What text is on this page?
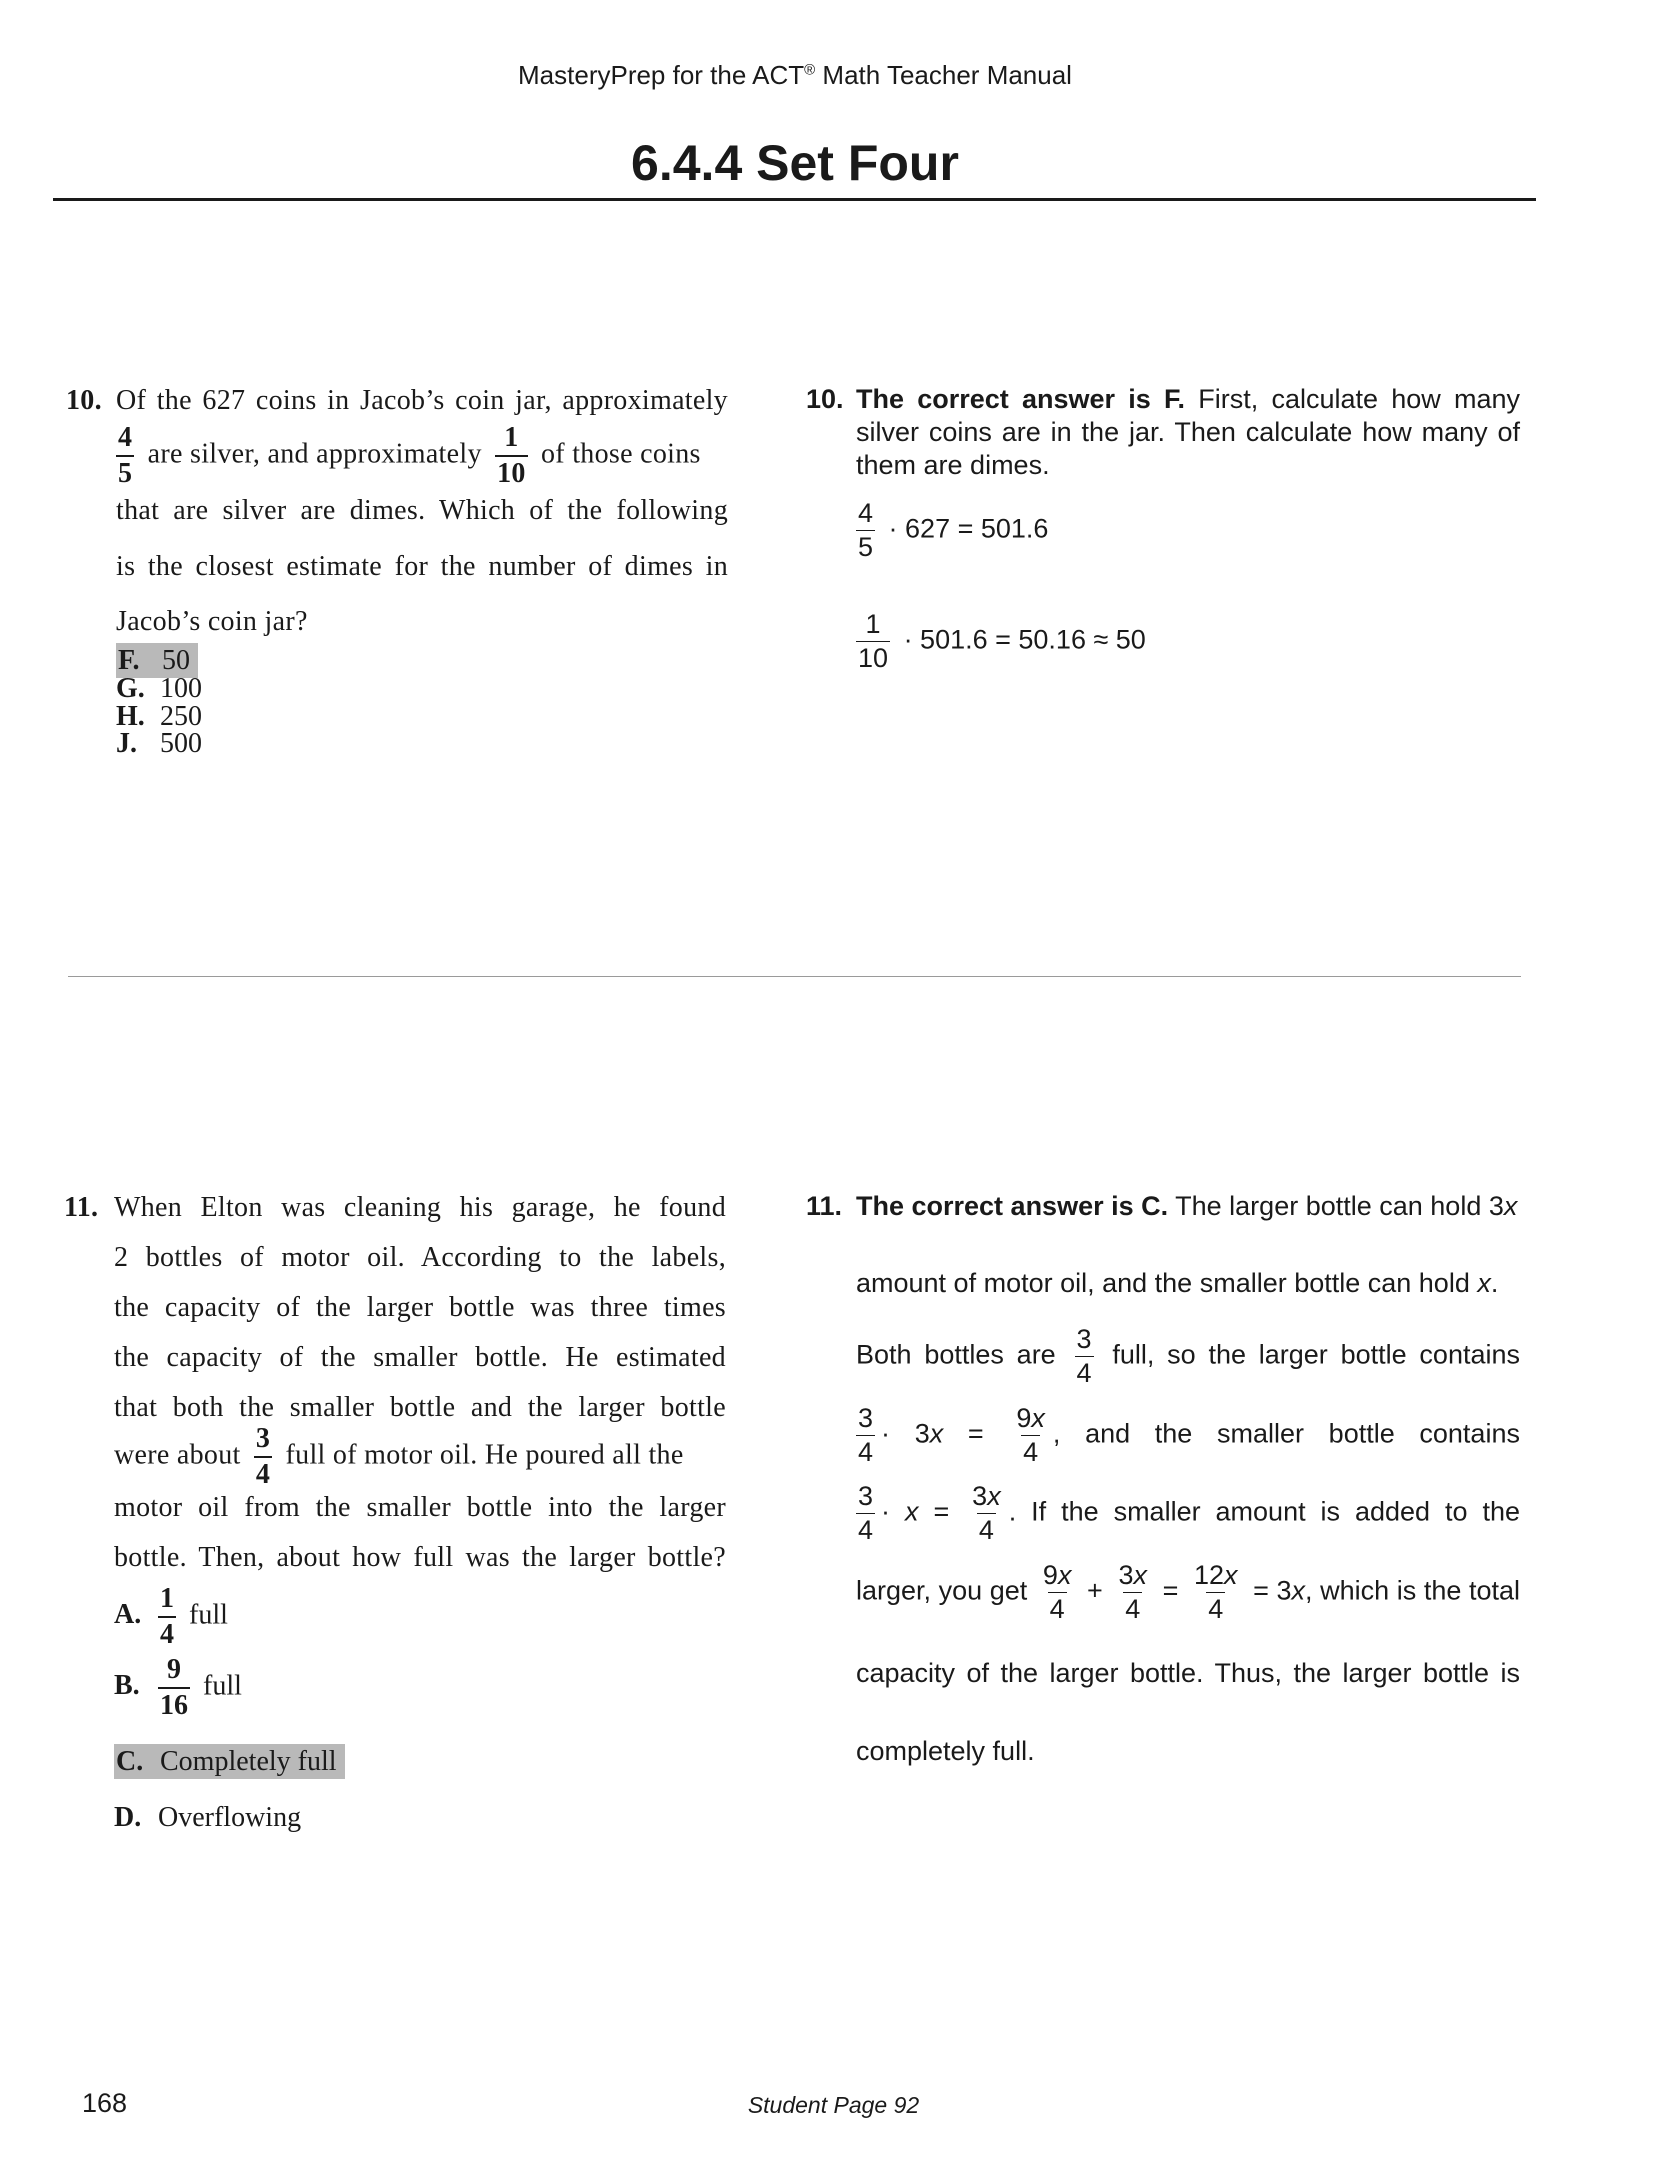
MasteryPrep for the ACT® Math Teacher Manual
6.4.4 Set Four
10. Of the 627 coins in Jacob’s coin jar, approximately
$\frac{4}{5}$ are silver, and approximately $\frac{1}{10}$ of those coins
that are silver are dimes. Which of the following
is the closest estimate for the number of dimes in
Jacob’s coin jar?
F. 50
G. 100
H. 250
J. 500
10. The correct answer is F. First, calculate how many
silver coins are in the jar. Then calculate how many of
them are dimes.
$\frac{4}{5} \cdot 627 = 501.6$
$\frac{1}{10} \cdot 501.6 = 50.16 \approx 50$
11. When Elton was cleaning his garage, he found
2 bottles of motor oil. According to the labels,
the capacity of the larger bottle was three times
the capacity of the smaller bottle. He estimated
that both the smaller bottle and the larger bottle
were about $\frac{3}{4}$ full of motor oil. He poured all the
motor oil from the smaller bottle into the larger
bottle. Then, about how full was the larger bottle?
A. $\frac{1}{4}$ full
B. $\frac{9}{16}$ full
C. Completely full
D. Overflowing
11. The correct answer is C. The larger bottle can hold 3x
amount of motor oil, and the smaller bottle can hold x.
Both bottles are $\frac{3}{4}$ full, so the larger bottle contains
$\frac{3}{4} \cdot 3x = \frac{9x}{4}$ , and the smaller bottle contains
$\frac{3}{4} \cdot x = \frac{3x}{4}$ . If the smaller amount is added to the
larger, you get $\frac{9x}{4} + \frac{3x}{4} = \frac{12x}{4} = 3x$, which is the total
capacity of the larger bottle. Thus, the larger bottle is
completely full.
168	Student Page 92
